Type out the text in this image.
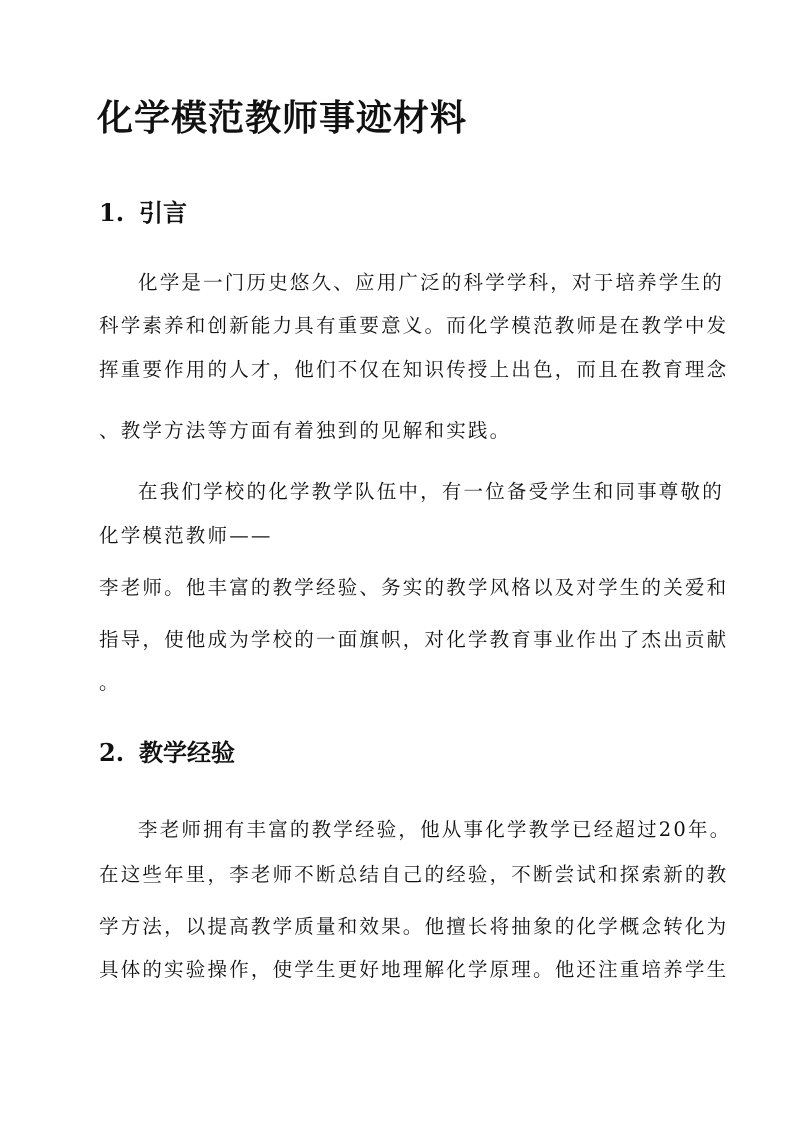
化学模范教师事迹材料
1. 引言

化学是一门历史悠久、应用广泛的科学学科，对于培养学生的

科学素养和创新能力具有重要意义。而化学模范教师是在教学中发

挥重要作用的人才，他们不仅在知识传授上出色，而且在教育理念

、教学方法等方面有着独到的见解和实践。

在我们学校的化学教学队伍中，有一位备受学生和同事尊敬的

化学模范教师——

李老师。他丰富的教学经验、务实的教学风格以及对学生的关爱和

指导，使他成为学校的一面旗帜，对化学教育事业作出了杰出贡献

。

2. 教学经验

李老师拥有丰富的教学经验，他从事化学教学已经超过20年。

在这些年里，李老师不断总结自己的经验，不断尝试和探索新的教

学方法，以提高教学质量和效果。他擅长将抽象的化学概念转化为

具体的实验操作，使学生更好地理解化学原理。他还注重培养学生
